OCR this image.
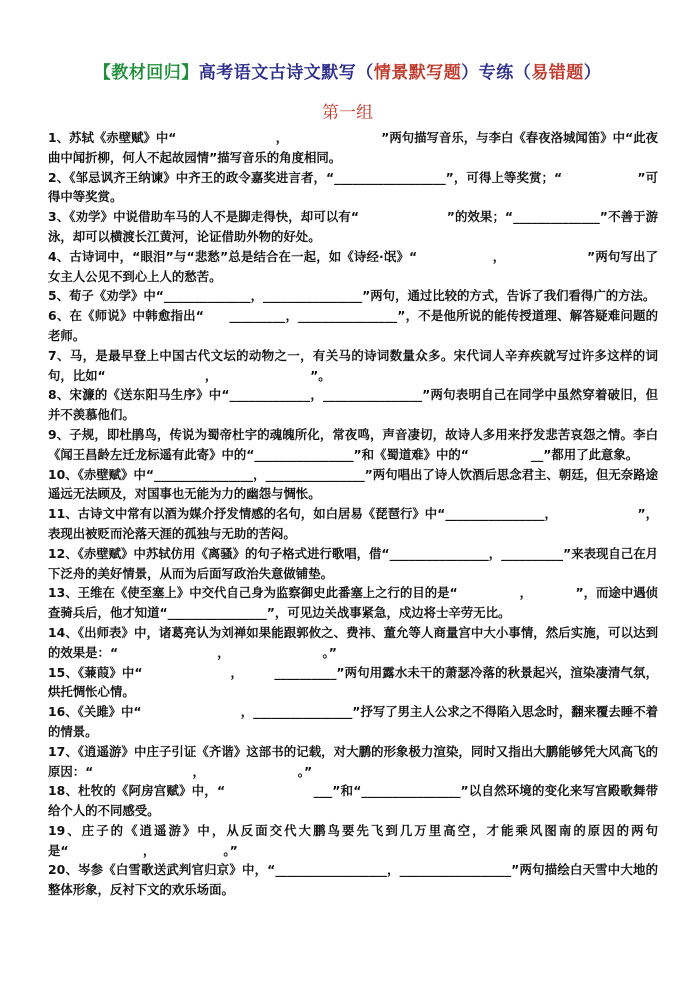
【教材回归】高考语文古诗文默写（情景默写题）专练（易错题）
第一组

1、苏轼《赤壁赋》中“　　　　　　　　，　　　　　　　　”两句描写音乐，与李白《春夜洛城闻笛》中“此夜曲中闻折柳，何人不起故园情”描写音乐的角度相同。

2、《邹忌讽齐王纳谏》中齐王的政令嘉奖进言者，“__________________”，可得上等奖赏；“　　　　　　”可得中等奖赏。

3、《劝学》中说借助车马的人不是脚走得快，却可以有“　　　　　　　”的效果；“______________”不善于游泳，却可以横渡长江黄河，论证借助外物的好处。

4、古诗词中，“眼泪”与“悲愁”总是结合在一起，如《诗经·氓》“　　　　　　，　　　　　　　”两句写出了女主人公见不到心上人的愁苦。

5、荀子《劝学》中“______________，________________”两句，通过比较的方式，告诉了我们看得广的方法。

6、在《师说》中韩愈指出“　　_________，________________”，不是他所说的能传授道理、解答疑难问题的老师。

7、马，是最早登上中国古代文坛的动物之一，有关马的诗词数量众多。宋代词人辛弃疾就写过许多这样的词句，比如“　　　　　　　　，　　　　　　　　”。

8、宋濂的《送东阳马生序》中“_____________，________________”两句表明自己在同学中虽然穿着破旧，但并不羡慕他们。

9、子规，即杜鹃鸟，传说为蜀帝杜宇的魂魄所化，常夜鸣，声音凄切，故诗人多用来抒发悲苦哀怨之情。李白《闻王昌龄左迁龙标遥有此寄》中的“________________”和《蜀道难》中的“　　　　　__”都用了此意象。

10、《赤壁赋》中“________________，________________”两句唱出了诗人饮酒后思念君主、朝廷，但无奈路途遥远无法顾及，对国事也无能为力的幽怨与惆怅。

11、古诗文中常有以酒为媒介抒发情感的名句，如白居易《琵琶行》中“________________，　　　　　　　”，表现出被贬而沦落天涯的孤独与无助的苦闷。

12、《赤壁赋》中苏轼仿用《离骚》的句子格式进行歌唱，借“________________，__________”来表现自己在月下泛舟的美好情景，从而为后面写政治失意做铺垫。

13、王维在《使至塞上》中交代自己身为监察御史此番塞上之行的目的是“　　　　　，　　　　”，而途中遇侦查骑兵后，他才知道“________________”，可见边关战事紧急，戍边将士辛劳无比。

14、《出师表》中，诸葛亮认为刘禅如果能跟郭攸之、费祎、董允等人商量宫中大小事情，然后实施，可以达到的效果是：“　　　　　　　　，　　　　　　　　。”

15、《蒹葭》中“　　　　　　　，　　　__________”两句用露水未干的萧瑟冷落的秋景起兴，渲染凄清气氛，烘托惆怅心情。

16、《关雎》中“　　　　　　　　，________________”抒写了男主人公求之不得陷入思念时，翻来覆去睡不着的情景。

17、《逍遥游》中庄子引证《齐谐》这部书的记载，对大鹏的形象极力渲染，同时又指出大鹏能够凭大风高飞的原因：“　　　　　　　　，　　　　　　　　。”

18、杜牧的《阿房宫赋》中，“　　　　　　　___”和“________________”以自然环境的变化来写宫殿歌舞带给个人的不同感受。

19、庄子的《逍遥游》中，从反面交代大鹏鸟要先飞到几万里高空，才能乘风图南的原因的两句是“　　　　　　，　　　　　　。”

20、岑参《白雪歌送武判官归京》中，“__________________，__________________”两句描绘白天雪中大地的整体形象，反衬下文的欢乐场面。
